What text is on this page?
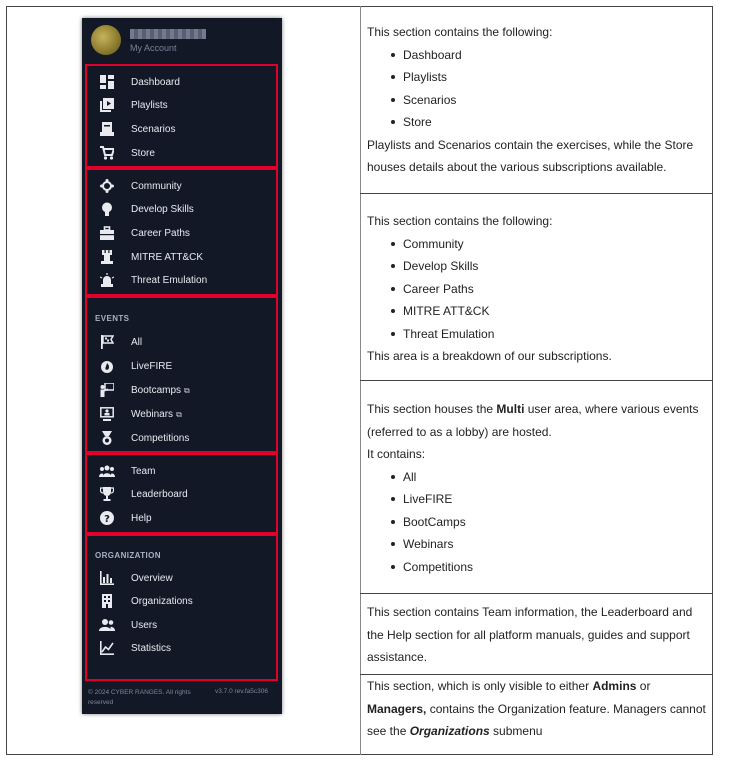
My Account
Dashboard
Playlists
Scenarios
Store
Community
Develop Skills
Career Paths
MITRE ATT&CK
Threat Emulation
EVENTS
All
LiveFIRE
Bootcamps ⧉
Webinars ⧉
Competitions
Team
Leaderboard
? Help
ORGANIZATION
Overview
Organizations
Users
Statistics
© 2024 CYBER RANGES. All rights reserved
v3.7.0 rev.fa5c306
This section contains the following:
Dashboard
Playlists
Scenarios
Store
Playlists and Scenarios contain the exercises, while the Store houses details about the various subscriptions available.
This section contains the following:
Community
Develop Skills
Career Paths
MITRE ATT&CK
Threat Emulation
This area is a breakdown of our subscriptions.
This section houses the Multi user area, where various events (referred to as a lobby) are hosted.
It contains:
All
LiveFIRE
BootCamps
Webinars
Competitions
This section contains Team information, the Leaderboard and the Help section for all platform manuals, guides and support assistance.
This section, which is only visible to either Admins or Managers, contains the Organization feature. Managers cannot see the Organizations submenu
